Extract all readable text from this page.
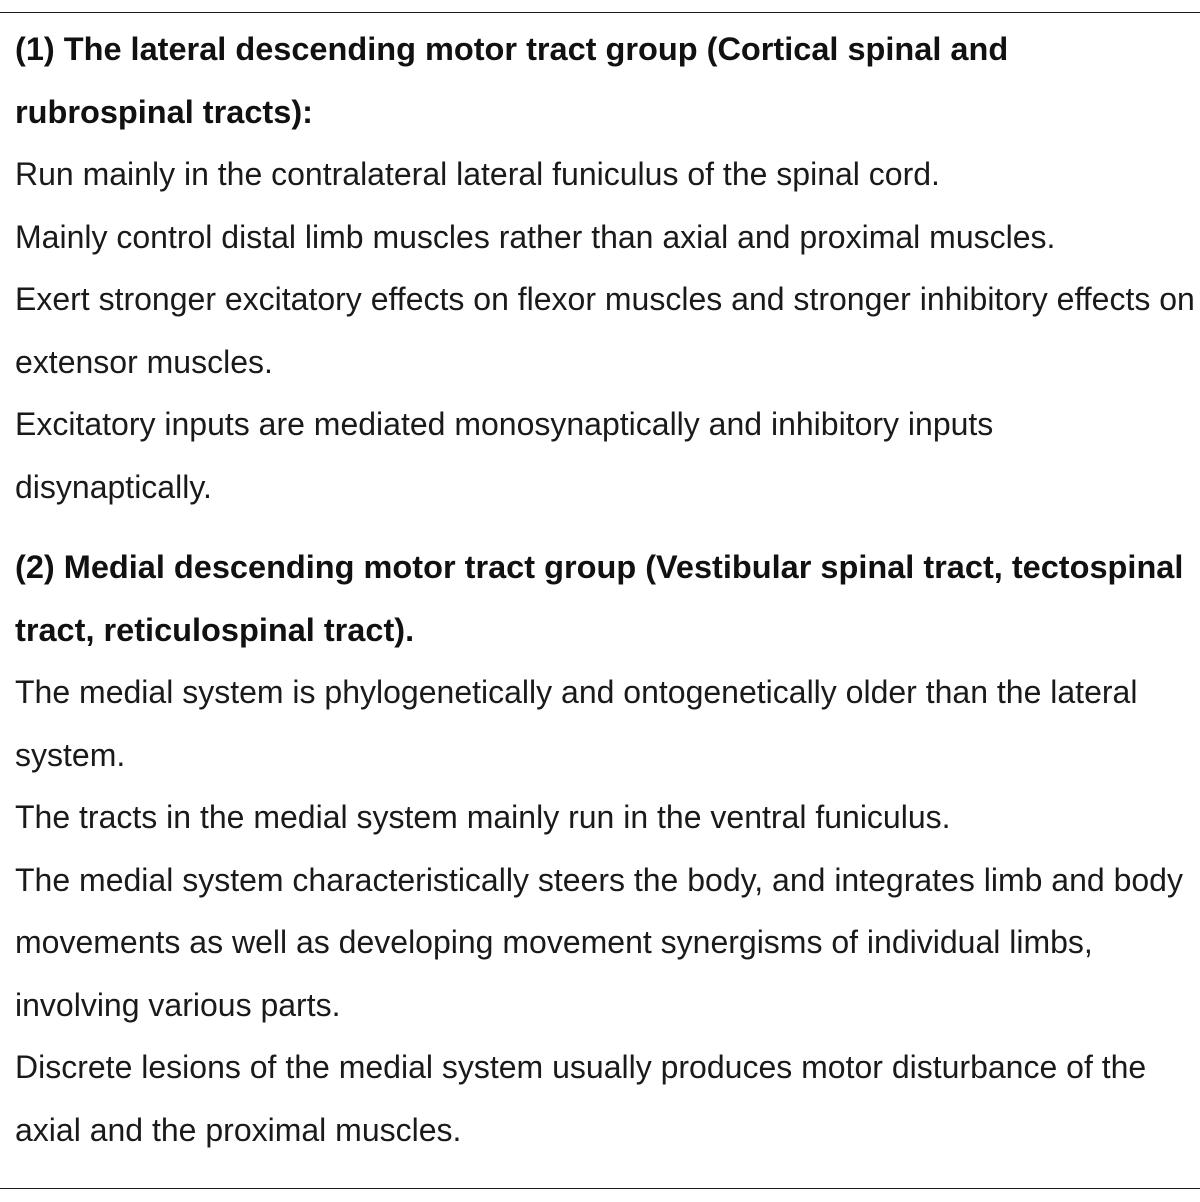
(1) The lateral descending motor tract group (Cortical spinal and rubrospinal tracts):

Run mainly in the contralateral lateral funiculus of the spinal cord.

Mainly control distal limb muscles rather than axial and proximal muscles.

Exert stronger excitatory effects on flexor muscles and stronger inhibitory effects on extensor muscles.

Excitatory inputs are mediated monosynaptically and inhibitory inputs disynaptically.

(2) Medial descending motor tract group (Vestibular spinal tract, tectospinal tract, reticulospinal tract).

The medial system is phylogenetically and ontogenetically older than the lateral system.

The tracts in the medial system mainly run in the ventral funiculus.

The medial system characteristically steers the body, and integrates limb and body movements as well as developing movement synergisms of individual limbs, involving various parts.

Discrete lesions of the medial system usually produces motor disturbance of the axial and the proximal muscles.
